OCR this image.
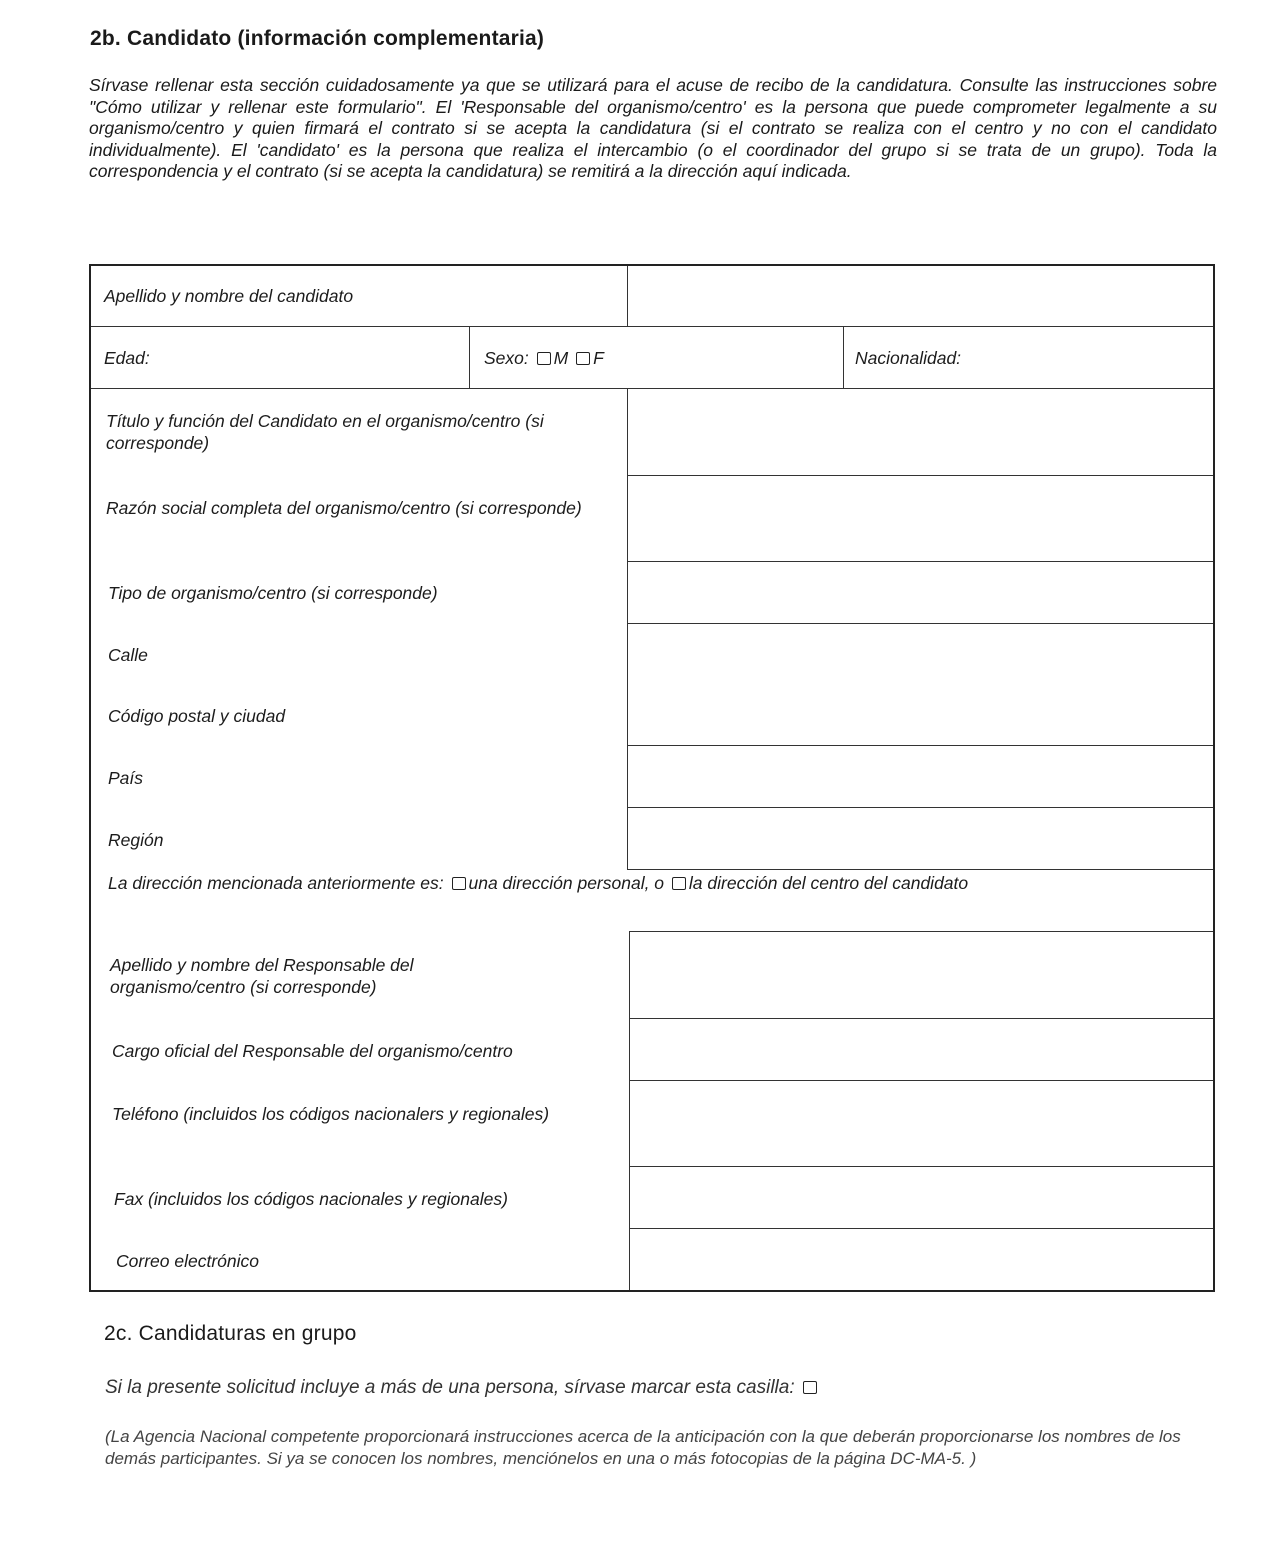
2b. Candidato (información complementaria)

Sírvase rellenar esta sección cuidadosamente ya que se utilizará para el acuse de recibo de la candidatura. Consulte las instrucciones sobre "Cómo utilizar y rellenar este formulario". El 'Responsable del organismo/centro' es la persona que puede comprometer legalmente a su organismo/centro y quien firmará el contrato si se acepta la candidatura (si el contrato se realiza con el centro y no con el candidato individualmente). El 'candidato' es la persona que realiza el intercambio (o el coordinador del grupo si se trata de un grupo). Toda la correspondencia y el contrato (si se acepta la candidatura) se remitirá a la dirección aquí indicada.

Apellido y nombre del candidato
Edad:	Sexo: M F	Nacionalidad:
Título y función del Candidato en el organismo/centro (si corresponde)
Razón social completa del organismo/centro (si corresponde)
Tipo de organismo/centro (si corresponde)
Calle
Código postal y ciudad
País
Región
La dirección mencionada anteriormente es: una dirección personal, o la dirección del centro del candidato
Apellido y nombre del Responsable del organismo/centro (si corresponde)
Cargo oficial del Responsable del organismo/centro
Teléfono (incluidos los códigos nacionalers y regionales)
Fax (incluidos los códigos nacionales y regionales)
Correo electrónico
2c. Candidaturas en grupo

Si la presente solicitud incluye a más de una persona, sírvase marcar esta casilla:

(La Agencia Nacional competente proporcionará instrucciones acerca de la anticipación con la que deberán proporcionarse los nombres de los demás participantes. Si ya se conocen los nombres, menciónelos en una o más fotocopias de la página DC-MA-5. )
